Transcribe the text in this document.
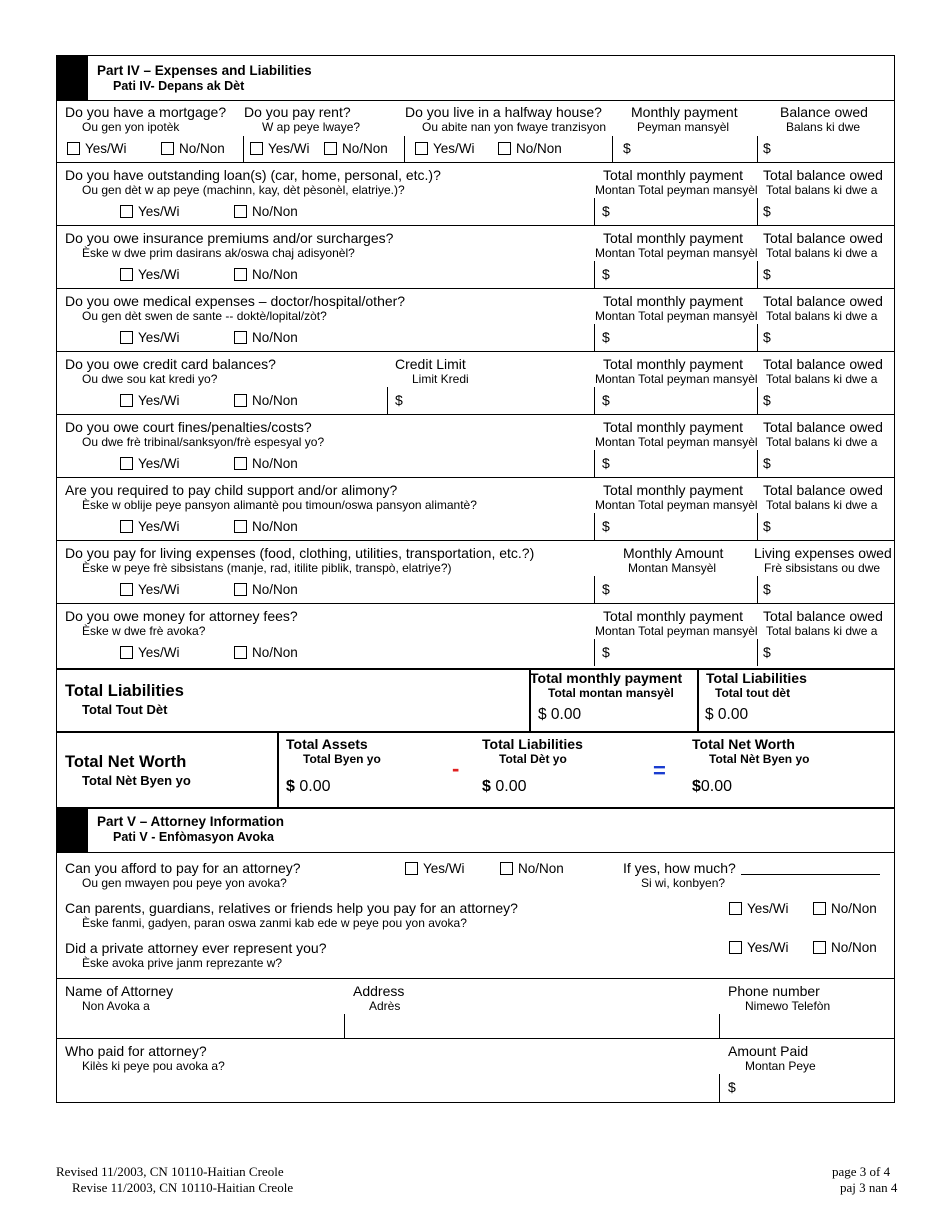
Part IV – Expenses and Liabilities
Pati IV- Depans ak Dèt
Do you have a mortgage?
Ou gen yon ipotèk
Yes/Wi	No/Non
Do you pay rent?
W ap peye lwaye?
Yes/Wi	No/Non
Do you live in a halfway house?
Ou abite nan yon fwaye tranzisyon
Yes/Wi	No/Non
Monthly payment
Peyman mansyèl
$
Balance owed
Balans ki dwe
$
Do you have outstanding loan(s) (car, home, personal, etc.)?
Ou gen dèt w ap peye (machinn, kay, dèt pèsonèl, elatriye.)?
Yes/Wi	No/Non
Total monthly payment
Montan Total peyman mansyèl
Total balance owed
Total balans ki dwe a
$	$
Do you owe insurance premiums and/or surcharges?
Èske w dwe prim dasirans ak/oswa chaj adisyonèl?
Yes/Wi	No/Non
Total monthly payment
Montan Total peyman mansyèl
Total balance owed
Total balans ki dwe a
$	$
Do you owe medical expenses – doctor/hospital/other?
Ou gen dèt swen de sante -- doktè/lopital/zòt?
Yes/Wi	No/Non
Total monthly payment
Montan Total peyman mansyèl
Total balance owed
Total balans ki dwe a
$	$
Do you owe credit card balances?
Ou dwe sou kat kredi yo?
Yes/Wi	No/Non
Credit Limit
Limit Kredi
$
Total monthly payment
Montan Total peyman mansyèl
Total balance owed
Total balans ki dwe a
$	$
Do you owe court fines/penalties/costs?
Ou dwe frè tribinal/sanksyon/frè espesyal yo?
Yes/Wi	No/Non
Total monthly payment
Montan Total peyman mansyèl
Total balance owed
Total balans ki dwe a
$	$
Are you required to pay child support and/or alimony?
Èske w oblije peye pansyon alimantè pou timoun/oswa pansyon alimantè?
Yes/Wi	No/Non
Total monthly payment
Montan Total peyman mansyèl
Total balance owed
Total balans ki dwe a
$	$
Do you pay for living expenses (food, clothing, utilities, transportation, etc.?)
Èske w peye frè sibsistans (manje, rad, itilite piblik, transpò, elatriye?)
Yes/Wi	No/Non
Monthly Amount
Montan Mansyèl
Living expenses owed
Frè sibsistans ou dwe
$	$
Do you owe money for attorney fees?
Èske w dwe frè avoka?
Yes/Wi	No/Non
Total monthly payment
Montan Total peyman mansyèl
Total balance owed
Total balans ki dwe a
$	$
Total Liabilities
Total Tout Dèt
Total monthly payment
Total montan mansyèl
$ 0.00
Total Liabilities
Total tout dèt
$ 0.00
Total Net Worth
Total Nèt Byen yo
Total Assets
Total Byen yo
$ 0.00
-
Total Liabilities
Total Dèt yo
$ 0.00
=
Total Net Worth
Total Nèt Byen yo
$0.00
Part V – Attorney Information
Pati V - Enfòmasyon Avoka
Can you afford to pay for an attorney?
Ou gen mwayen pou peye yon avoka?
Yes/Wi	No/Non	If yes, how much?
Si wi, konbyen?
Can parents, guardians, relatives or friends help you pay for an attorney?
Èske fanmi, gadyen, paran oswa zanmi kab ede w peye pou yon avoka?
Yes/Wi	No/Non
Did a private attorney ever represent you?
Èske avoka prive janm reprezante w?
Yes/Wi	No/Non
Name of Attorney
Non Avoka a
Address
Adrès
Phone number
Nimewo Telefòn
Who paid for attorney?
Kilès ki peye pou avoka a?
Amount Paid
Montan Peye
$
Revised 11/2003, CN 10110-Haitian Creole
Revise 11/2003, CN 10110-Haitian Creole
page 3 of 4
paj 3 nan 4
